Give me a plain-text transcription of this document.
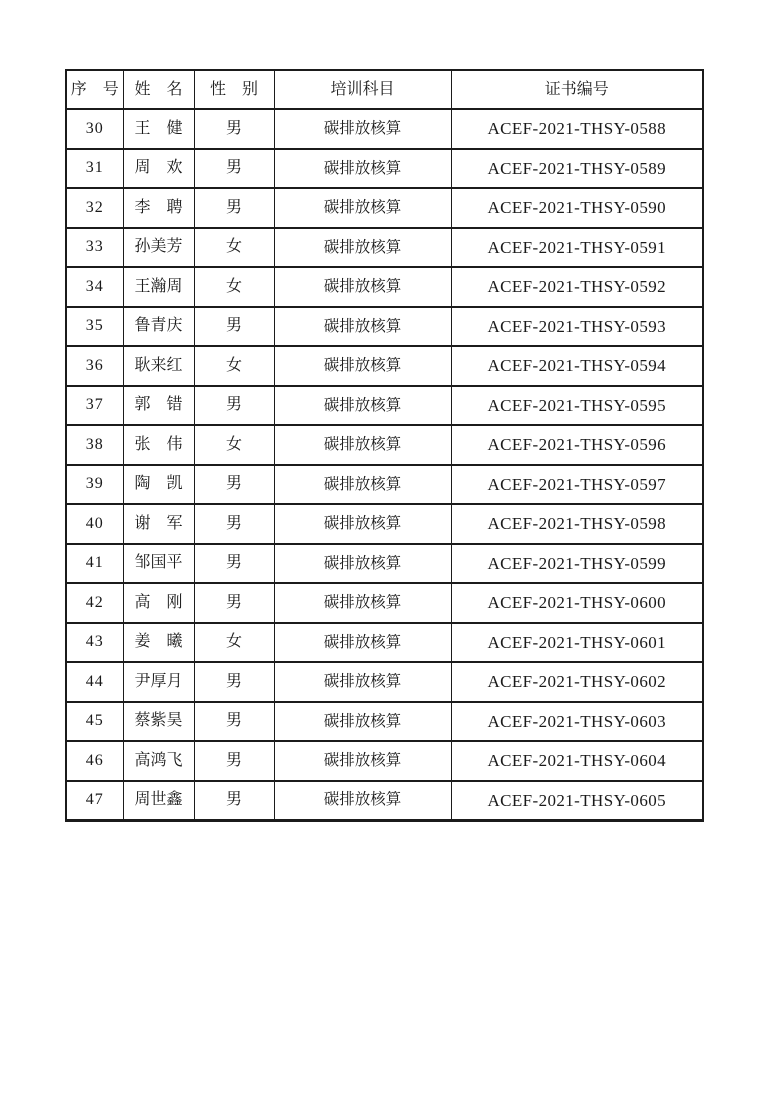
序　号	姓　名	性　别	培训科目	证书编号
30	王　健	男	碳排放核算	ACEF-2021-THSY-0588
31	周　欢	男	碳排放核算	ACEF-2021-THSY-0589
32	李　聘	男	碳排放核算	ACEF-2021-THSY-0590
33	孙美芳	女	碳排放核算	ACEF-2021-THSY-0591
34	王瀚周	女	碳排放核算	ACEF-2021-THSY-0592
35	鲁青庆	男	碳排放核算	ACEF-2021-THSY-0593
36	耿来红	女	碳排放核算	ACEF-2021-THSY-0594
37	郭　错	男	碳排放核算	ACEF-2021-THSY-0595
38	张　伟	女	碳排放核算	ACEF-2021-THSY-0596
39	陶　凯	男	碳排放核算	ACEF-2021-THSY-0597
40	谢　军	男	碳排放核算	ACEF-2021-THSY-0598
41	邹国平	男	碳排放核算	ACEF-2021-THSY-0599
42	高　刚	男	碳排放核算	ACEF-2021-THSY-0600
43	姜　曦	女	碳排放核算	ACEF-2021-THSY-0601
44	尹厚月	男	碳排放核算	ACEF-2021-THSY-0602
45	蔡紫昊	男	碳排放核算	ACEF-2021-THSY-0603
46	高鸿飞	男	碳排放核算	ACEF-2021-THSY-0604
47	周世鑫	男	碳排放核算	ACEF-2021-THSY-0605
